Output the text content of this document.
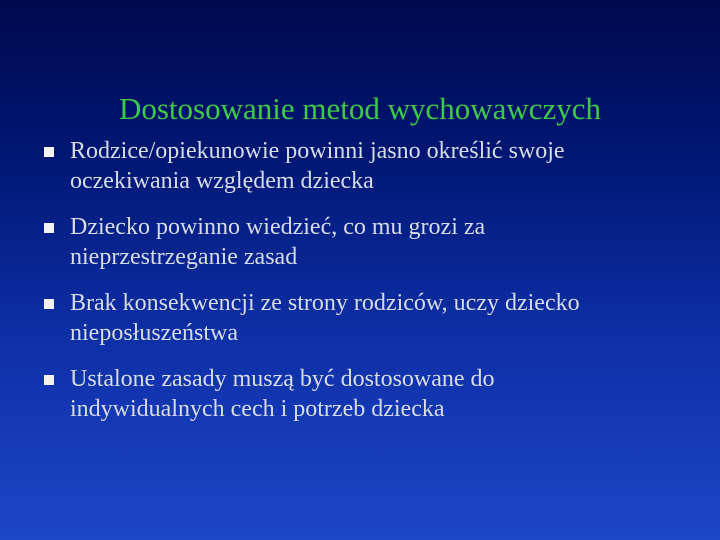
Dostosowanie metod wychowawczych
Rodzice/opiekunowie powinni jasno określić swoje
oczekiwania względem dziecka
Dziecko powinno wiedzieć, co mu grozi za
nieprzestrzeganie zasad
Brak konsekwencji ze strony rodziców, uczy dziecko
nieposłuszeństwa
Ustalone zasady muszą być dostosowane do
indywidualnych cech i potrzeb dziecka
